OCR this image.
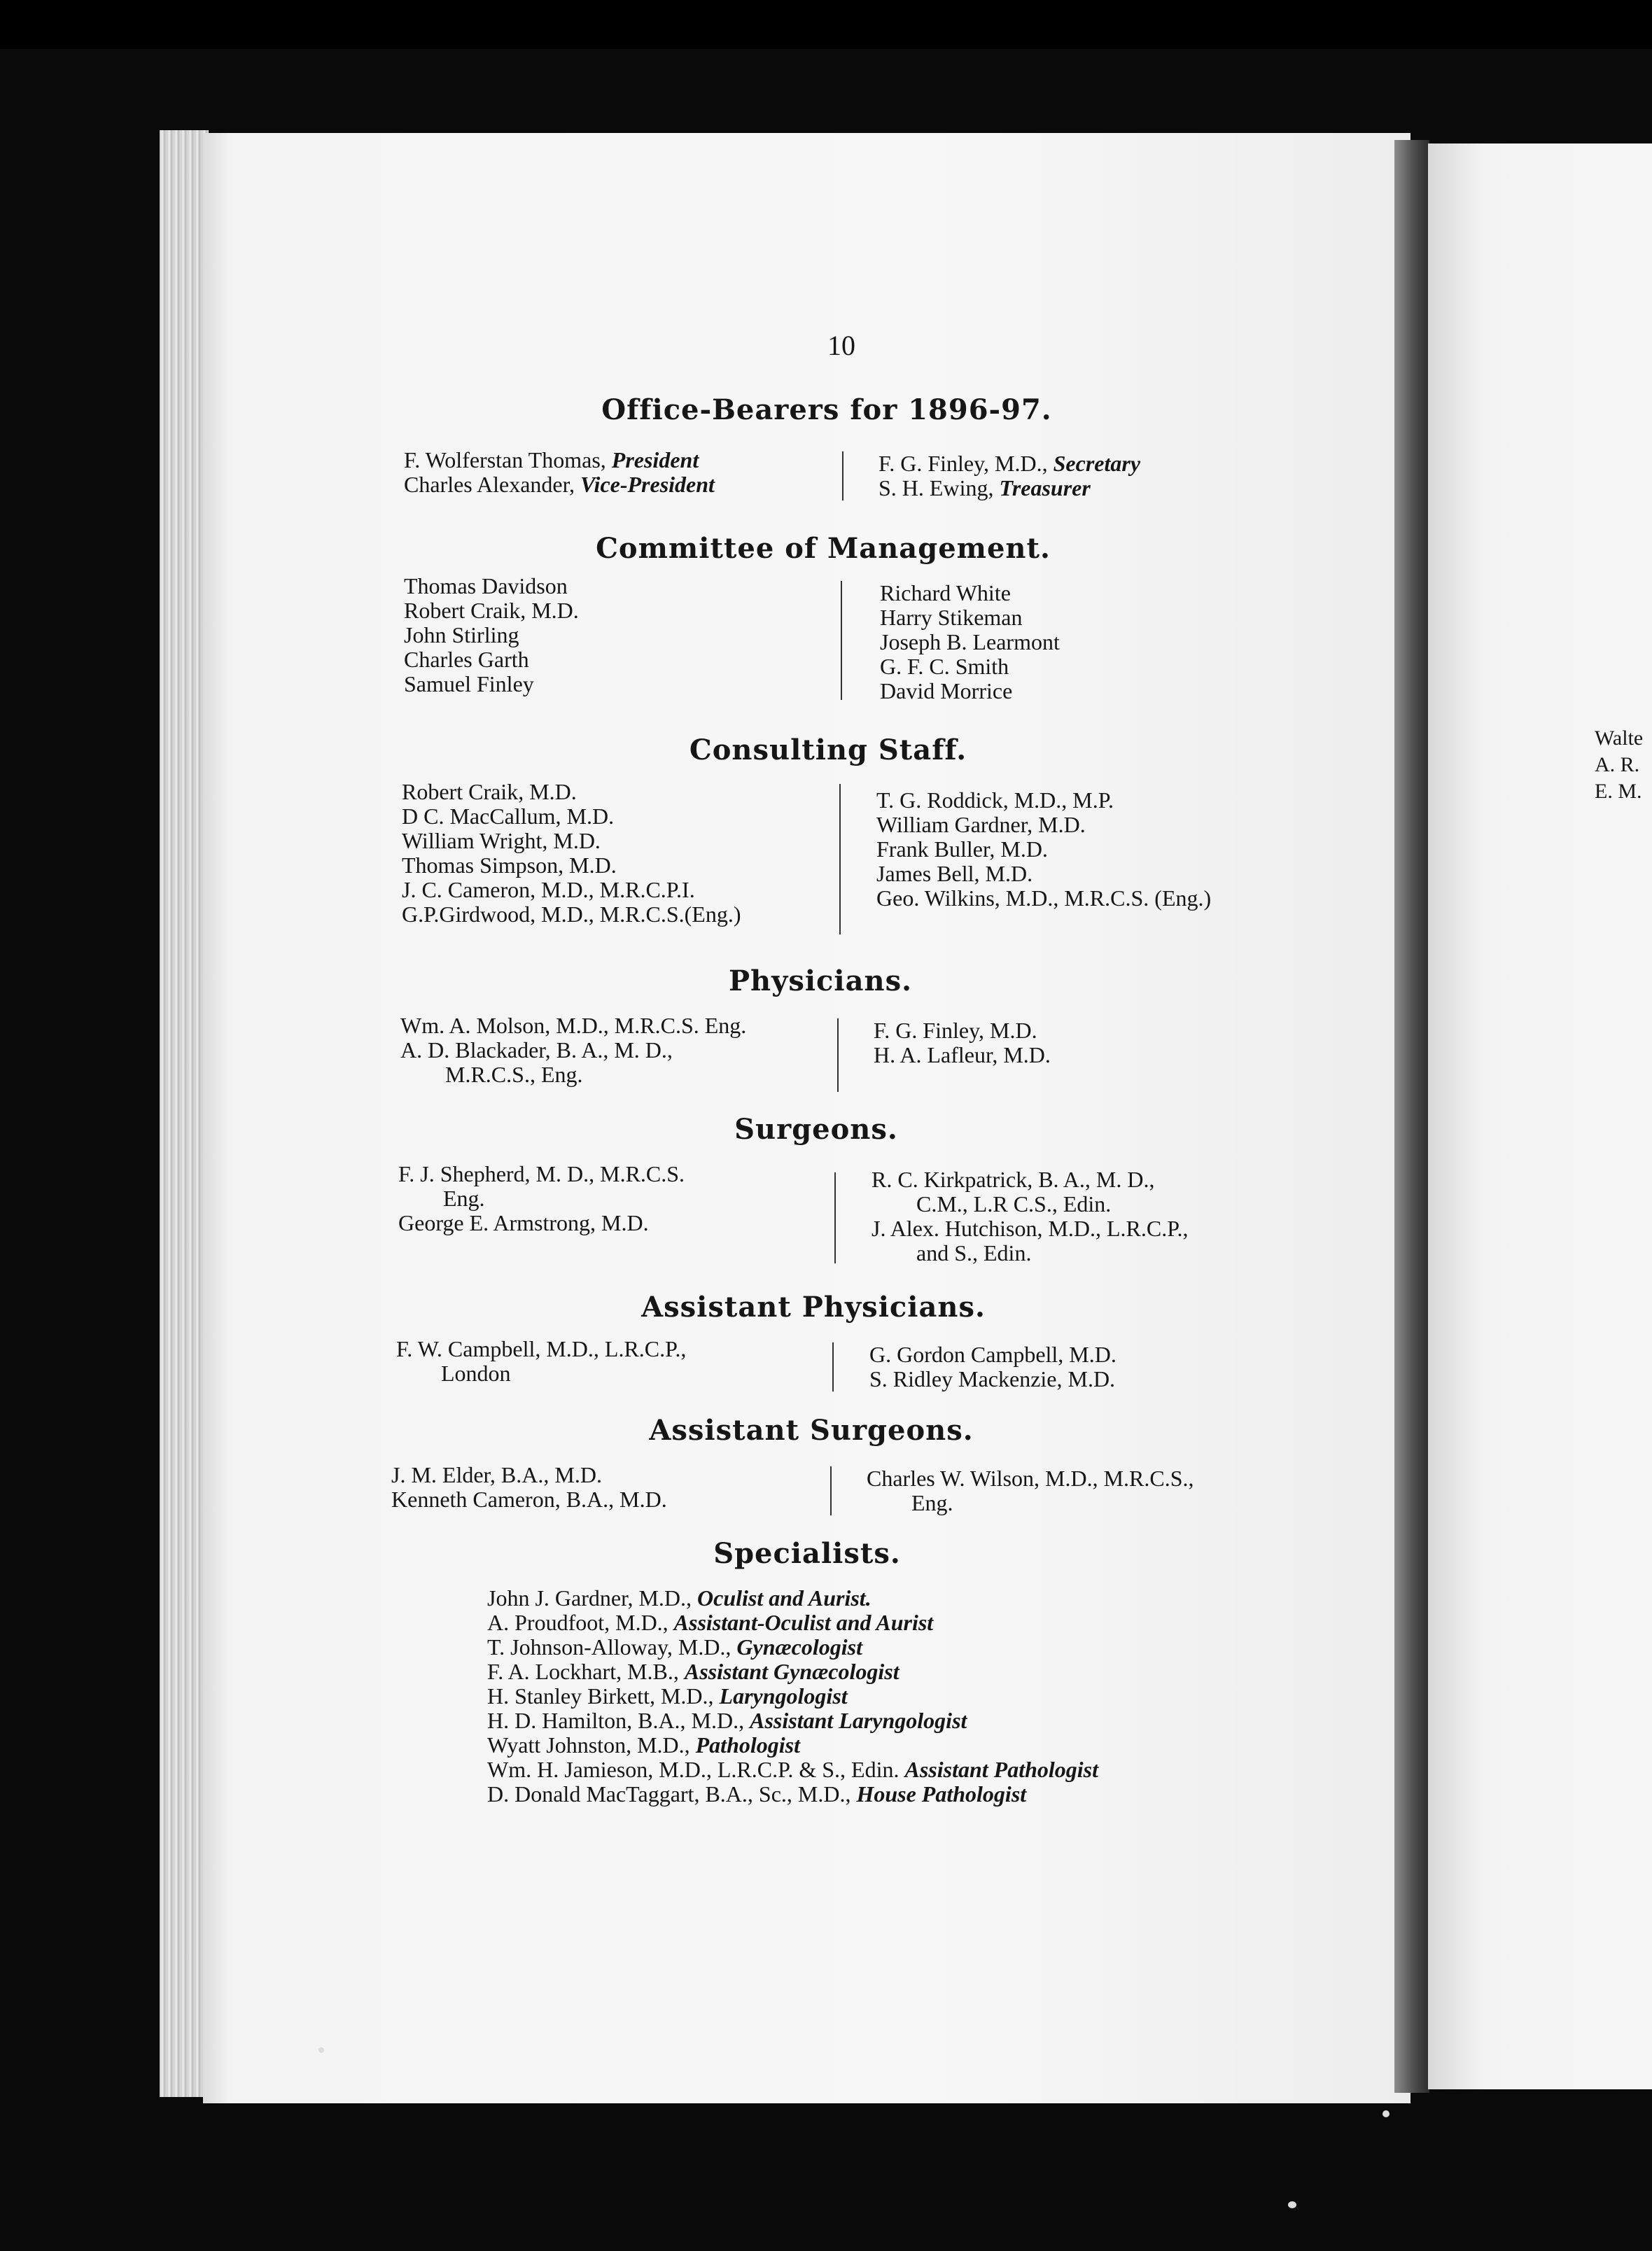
Walte
A. R.
E. M.
10
Office-Bearers for 1896-97.
F. Wolferstan Thomas, President
Charles Alexander, Vice-President
F. G. Finley, M.D., Secretary
S. H. Ewing, Treasurer
Committee of Management.
Thomas Davidson
Robert Craik, M.D.
John Stirling
Charles Garth
Samuel Finley
Richard White
Harry Stikeman
Joseph B. Learmont
G. F. C. Smith
David Morrice
Consulting Staff.
Robert Craik, M.D.
D C. MacCallum, M.D.
William Wright, M.D.
Thomas Simpson, M.D.
J. C. Cameron, M.D., M.R.C.P.I.
G.P.Girdwood, M.D., M.R.C.S.(Eng.)
T. G. Roddick, M.D., M.P.
William Gardner, M.D.
Frank Buller, M.D.
James Bell, M.D.
Geo. Wilkins, M.D., M.R.C.S. (Eng.)
Physicians.
Wm. A. Molson, M.D., M.R.C.S. Eng.
A. D. Blackader, B. A., M. D.,
M.R.C.S., Eng.
F. G. Finley, M.D.
H. A. Lafleur, M.D.
Surgeons.
F. J. Shepherd, M. D., M.R.C.S.
Eng.
George E. Armstrong, M.D.
R. C. Kirkpatrick, B. A., M. D.,
C.M., L.R C.S., Edin.
J. Alex. Hutchison, M.D., L.R.C.P.,
and S., Edin.
Assistant Physicians.
F. W. Campbell, M.D., L.R.C.P.,
London
G. Gordon Campbell, M.D.
S. Ridley Mackenzie, M.D.
Assistant Surgeons.
J. M. Elder, B.A., M.D.
Kenneth Cameron, B.A., M.D.
Charles W. Wilson, M.D., M.R.C.S.,
Eng.
Specialists.
John J. Gardner, M.D., Oculist and Aurist.
A. Proudfoot, M.D., Assistant-Oculist and Aurist
T. Johnson-Alloway, M.D., Gynæcologist
F. A. Lockhart, M.B., Assistant Gynæcologist
H. Stanley Birkett, M.D., Laryngologist
H. D. Hamilton, B.A., M.D., Assistant Laryngologist
Wyatt Johnston, M.D., Pathologist
Wm. H. Jamieson, M.D., L.R.C.P. & S., Edin. Assistant Pathologist
D. Donald MacTaggart, B.A., Sc., M.D., House Pathologist
